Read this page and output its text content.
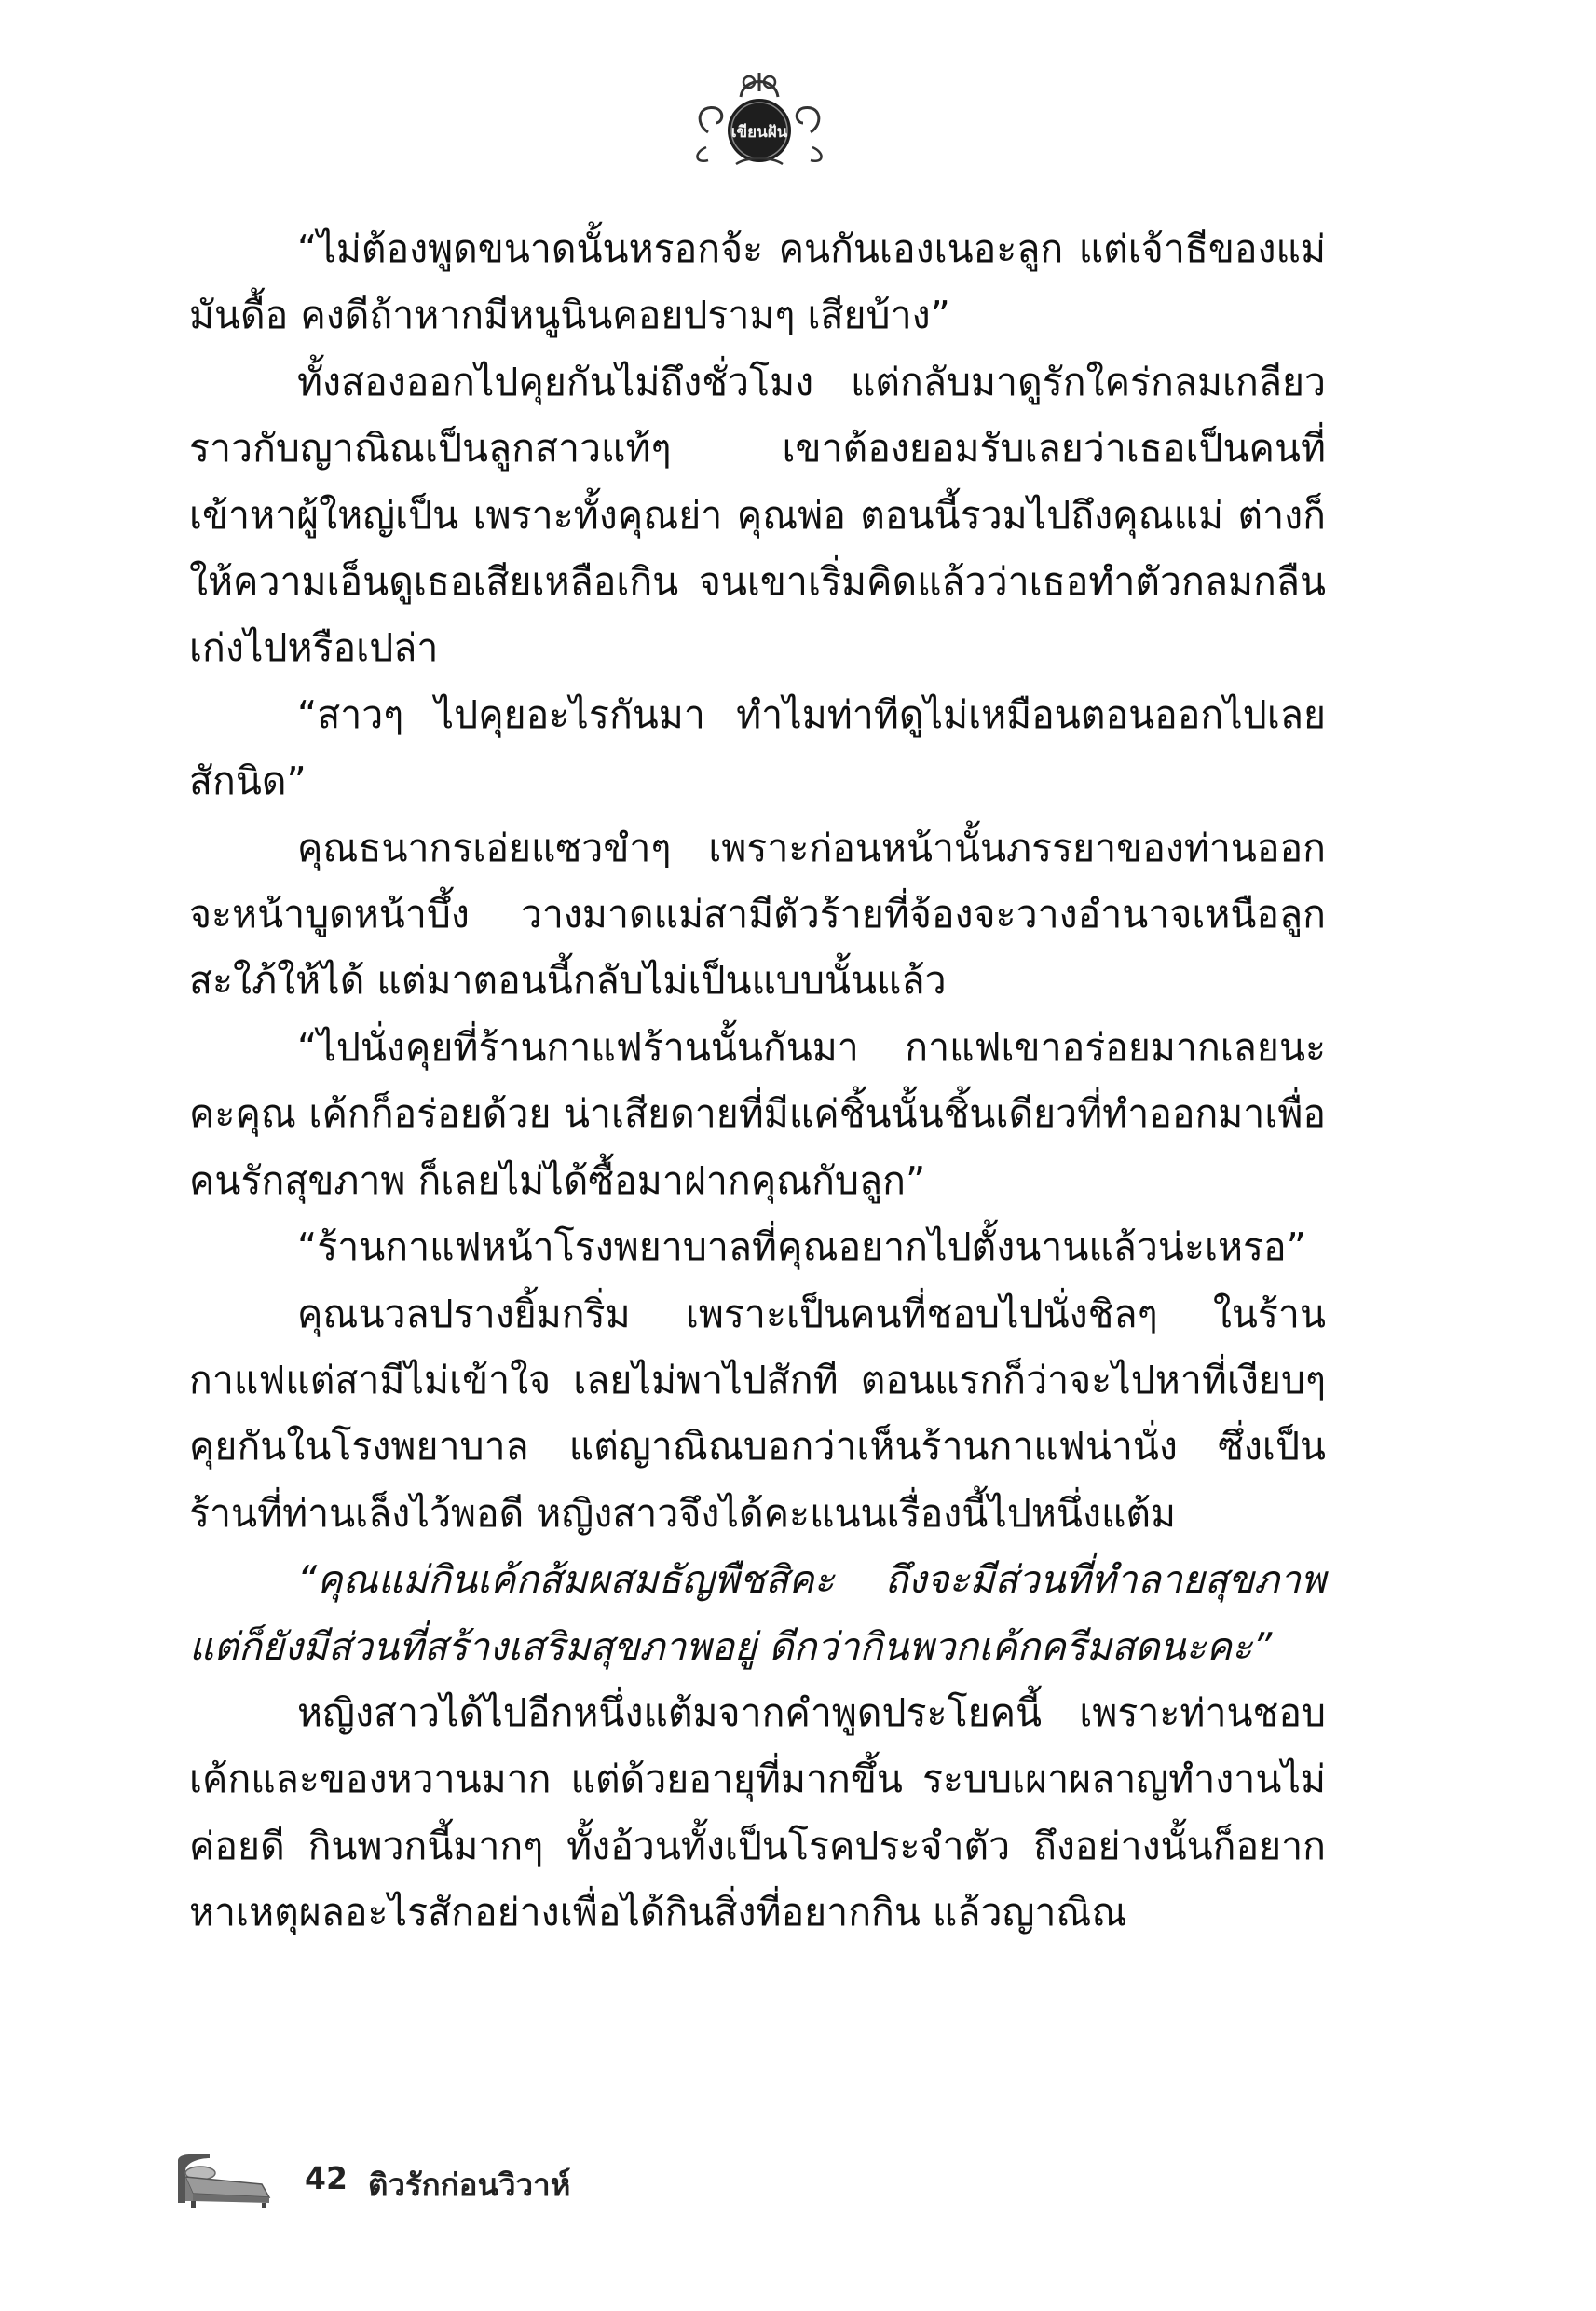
เขียนฝัน

“ไม่ต้องพูดขนาดนั้นหรอกจ้ะ คนกันเองเนอะลูก แต่เจ้าธีของแม่มันดื้อ คงดีถ้าหากมีหนูนินคอยปรามๆ เสียบ้าง”

ทั้งสองออกไปคุยกันไม่ถึงชั่วโมง แต่กลับมาดูรักใคร่กลมเกลียวราวกับญาณิณเป็นลูกสาวแท้ๆ เขาต้องยอมรับเลยว่าเธอเป็นคนที่เข้าหาผู้ใหญ่เป็น เพราะทั้งคุณย่า คุณพ่อ ตอนนี้รวมไปถึงคุณแม่ ต่างก็ให้ความเอ็นดูเธอเสียเหลือเกิน จนเขาเริ่มคิดแล้วว่าเธอทำตัวกลมกลืนเก่งไปหรือเปล่า

“สาวๆ ไปคุยอะไรกันมา ทำไมท่าทีดูไม่เหมือนตอนออกไปเลยสักนิด”

คุณธนากรเอ่ยแซวขำๆ เพราะก่อนหน้านั้นภรรยาของท่านออกจะหน้าบูดหน้าบึ้ง วางมาดแม่สามีตัวร้ายที่จ้องจะวางอำนาจเหนือลูกสะใภ้ให้ได้ แต่มาตอนนี้กลับไม่เป็นแบบนั้นแล้ว

“ไปนั่งคุยที่ร้านกาแฟร้านนั้นกันมา กาแฟเขาอร่อยมากเลยนะคะคุณ เค้กก็อร่อยด้วย น่าเสียดายที่มีแค่ชิ้นนั้นชิ้นเดียวที่ทำออกมาเพื่อคนรักสุขภาพ ก็เลยไม่ได้ซื้อมาฝากคุณกับลูก”

“ร้านกาแฟหน้าโรงพยาบาลที่คุณอยากไปตั้งนานแล้วน่ะเหรอ”

คุณนวลปรางยิ้มกริ่ม เพราะเป็นคนที่ชอบไปนั่งชิลๆ ในร้านกาแฟแต่สามีไม่เข้าใจ เลยไม่พาไปสักที ตอนแรกก็ว่าจะไปหาที่เงียบๆ คุยกันในโรงพยาบาล แต่ญาณิณบอกว่าเห็นร้านกาแฟน่านั่ง ซึ่งเป็นร้านที่ท่านเล็งไว้พอดี หญิงสาวจึงได้คะแนนเรื่องนี้ไปหนึ่งแต้ม

“คุณแม่กินเค้กส้มผสมธัญพืชสิคะ ถึงจะมีส่วนที่ทำลายสุขภาพแต่ก็ยังมีส่วนที่สร้างเสริมสุขภาพอยู่ ดีกว่ากินพวกเค้กครีมสดนะคะ”

หญิงสาวได้ไปอีกหนึ่งแต้มจากคำพูดประโยคนี้ เพราะท่านชอบเค้กและของหวานมาก แต่ด้วยอายุที่มากขึ้น ระบบเผาผลาญทำงานไม่ค่อยดี กินพวกนี้มากๆ ทั้งอ้วนทั้งเป็นโรคประจำตัว ถึงอย่างนั้นก็อยากหาเหตุผลอะไรสักอย่างเพื่อได้กินสิ่งที่อยากกิน แล้วญาณิณ

42 ติวรักก่อนวิวาห์
